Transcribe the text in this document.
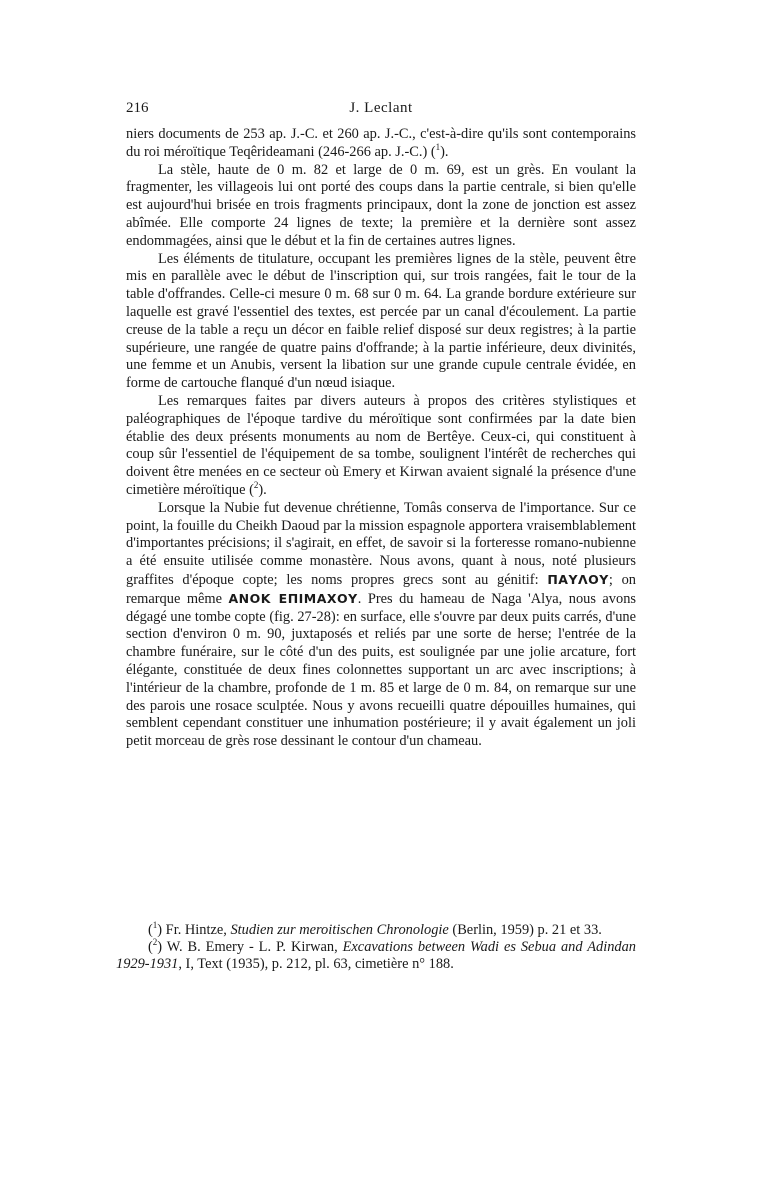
216	J. Leclant

niers documents de 253 ap. J.-C. et 260 ap. J.-C., c'est-à-dire qu'ils sont contemporains du roi méroïtique Teqêrideamani (246-266 ap. J.-C.) ($^1$).

La stèle, haute de 0 m. 82 et large de 0 m. 69, est un grès. En voulant la fragmenter, les villageois lui ont porté des coups dans la partie centrale, si bien qu'elle est aujourd'hui brisée en trois fragments principaux, dont la zone de jonction est assez abîmée. Elle comporte 24 lignes de texte; la première et la dernière sont assez endommagées, ainsi que le début et la fin de certaines autres lignes.

Les éléments de titulature, occupant les premières lignes de la stèle, peuvent être mis en parallèle avec le début de l'inscription qui, sur trois rangées, fait le tour de la table d'offrandes. Celle-ci mesure 0 m. 68 sur 0 m. 64. La grande bordure extérieure sur laquelle est gravé l'essentiel des textes, est percée par un canal d'écoulement. La partie creuse de la table a reçu un décor en faible relief disposé sur deux registres; à la partie supérieure, une rangée de quatre pains d'offrande; à la partie inférieure, deux divinités, une femme et un Anubis, versent la libation sur une grande cupule centrale évidée, en forme de cartouche flanqué d'un nœud isiaque.

Les remarques faites par divers auteurs à propos des critères stylistiques et paléographiques de l'époque tardive du méroïtique sont confirmées par la date bien établie des deux présents monuments au nom de Bertêye. Ceux-ci, qui constituent à coup sûr l'essentiel de l'équipement de sa tombe, soulignent l'intérêt de recherches qui doivent être menées en ce secteur où Emery et Kirwan avaient signalé la présence d'une cimetière méroïtique ($^2$).

Lorsque la Nubie fut devenue chrétienne, Tomâs conserva de l'importance. Sur ce point, la fouille du Cheikh Daoud par la mission espagnole apportera vraisemblablement d'importantes précisions; il s'agirait, en effet, de savoir si la forteresse romano-nubienne a été ensuite utilisée comme monastère. Nous avons, quant à nous, noté plusieurs graffites d'époque copte; les noms propres grecs sont au génitif: ΠΑΥΛΟΥ; on remarque même ΑΝΟΚ ΕΠΙΜΑΧΟΥ. Pres du hameau de Naga 'Alya, nous avons dégagé une tombe copte (fig. 27-28): en surface, elle s'ouvre par deux puits carrés, d'une section d'environ 0 m. 90, juxtaposés et reliés par une sorte de herse; l'entrée de la chambre funéraire, sur le côté d'un des puits, est soulignée par une jolie arcature, fort élégante, constituée de deux fines colonnettes supportant un arc avec inscriptions; à l'intérieur de la chambre, profonde de 1 m. 85 et large de 0 m. 84, on remarque sur une des parois une rosace sculptée. Nous y avons recueilli quatre dépouilles humaines, qui semblent cependant constituer une inhumation postérieure; il y avait également un joli petit morceau de grès rose dessinant le contour d'un chameau.

($^1$) Fr. Hintze, Studien zur meroitischen Chronologie (Berlin, 1959) p. 21 et 33.

($^2$) W. B. Emery - L. P. Kirwan, Excavations between Wadi es Sebua and Adindan 1929-1931, I, Text (1935), p. 212, pl. 63, cimetière n° 188.
